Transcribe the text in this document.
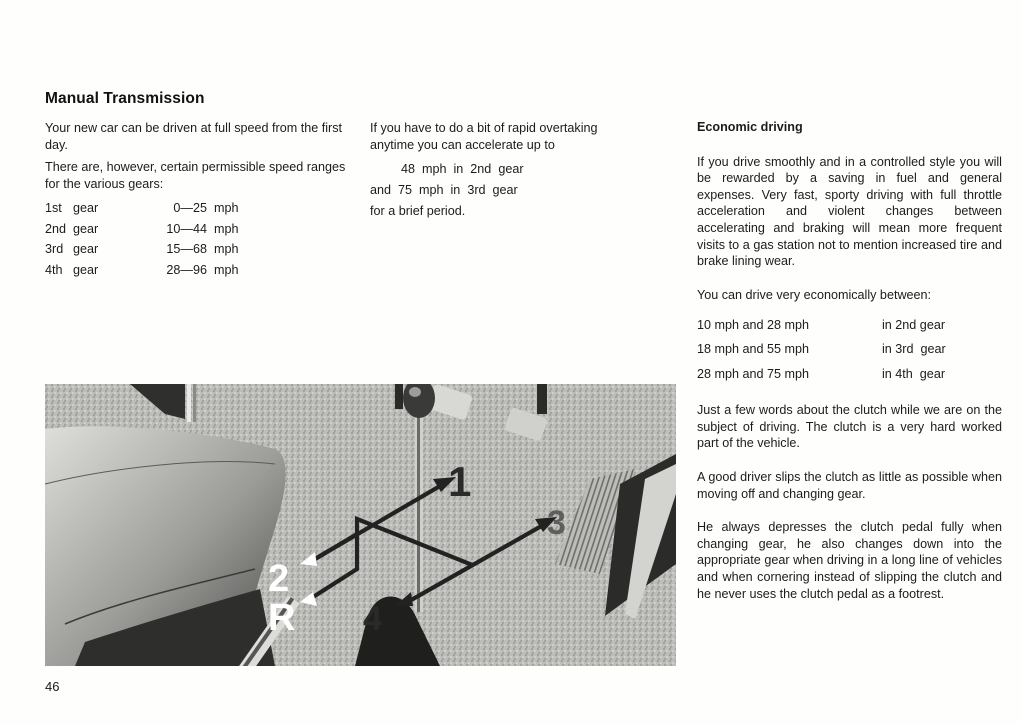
Manual Transmission

Your new car can be driven at full speed from the first day.

There are, however, certain permissible speed ranges for the various gears:

1st gear	0—25 mph
2nd gear	10—44 mph
3rd gear	15—68 mph
4th gear	28—96 mph
If you have to do a bit of rapid overtaking
anytime you can accelerate up to
48  mph  in  2nd  gear
and  75  mph  in  3rd  gear
for a brief period.
Economic driving

If you drive smoothly and in a controlled style you will be rewarded by a saving in fuel and general expenses. Very fast, sporty driving with full throttle acceleration and violent changes between accelerating and braking will mean more frequent visits to a gas station not to mention increased tire and brake lining wear.

You can drive very economically between:

10 mph and 28 mph	in 2nd gear
18 mph and 55 mph	in 3rd  gear
28 mph and 75 mph	in 4th  gear

Just a few words about the clutch while we are on the subject of driving. The clutch is a very hard worked part of the vehicle.

A good driver slips the clutch as little as possible when moving off and changing gear.

He always depresses the clutch pedal fully when changing gear, he also changes down into the appropriate gear when driving in a long line of vehicles and when cornering instead of slipping the clutch and he never uses the clutch pedal as a footrest.

1
3
2
R 4
46
